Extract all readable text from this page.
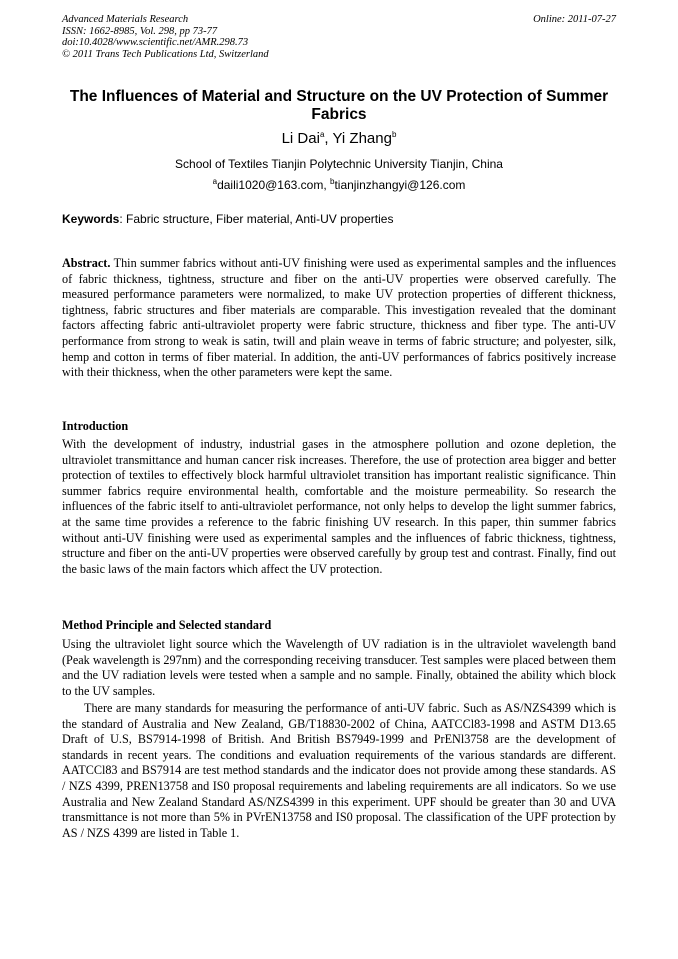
Advanced Materials Research
ISSN: 1662-8985, Vol. 298, pp 73-77
doi:10.4028/www.scientific.net/AMR.298.73
© 2011 Trans Tech Publications Ltd, Switzerland
Online: 2011-07-27
The Influences of Material and Structure on the UV Protection of Summer Fabrics
Li Dai$^a$, Yi Zhang$^b$
School of Textiles Tianjin Polytechnic University Tianjin, China
$^a$daili1020@163.com, $^b$tianjinzhangyi@126.com
Keywords: Fabric structure, Fiber material, Anti-UV properties

Abstract. Thin summer fabrics without anti-UV finishing were used as experimental samples and the influences of fabric thickness, tightness, structure and fiber on the anti-UV properties were observed carefully. The measured performance parameters were normalized, to make UV protection properties of different thickness, tightness, fabric structures and fiber materials are comparable. This investigation revealed that the dominant factors affecting fabric anti-ultraviolet property were fabric structure, thickness and fiber type. The anti-UV performance from strong to weak is satin, twill and plain weave in terms of fabric structure; and polyester, silk, hemp and cotton in terms of fiber material. In addition, the anti-UV performances of fabrics positively increase with their thickness, when the other parameters were kept the same.

Introduction

With the development of industry, industrial gases in the atmosphere pollution and ozone depletion, the ultraviolet transmittance and human cancer risk increases. Therefore, the use of protection area bigger and better protection of textiles to effectively block harmful ultraviolet transition has important realistic significance. Thin summer fabrics require environmental health, comfortable and the moisture permeability. So research the influences of the fabric itself to anti-ultraviolet performance, not only helps to develop the light summer fabrics, at the same time provides a reference to the fabric finishing UV research. In this paper, thin summer fabrics without anti-UV finishing were used as experimental samples and the influences of fabric thickness, tightness, structure and fiber on the anti-UV properties were observed carefully by group test and contrast. Finally, find out the basic laws of the main factors which affect the UV protection.

Method Principle and Selected standard

Using the ultraviolet light source which the Wavelength of UV radiation is in the ultraviolet wavelength band (Peak wavelength is 297nm) and the corresponding receiving transducer. Test samples were placed between them and the UV radiation levels were tested when a sample and no sample. Finally, obtained the ability which block to the UV samples.

There are many standards for measuring the performance of anti-UV fabric. Such as AS/NZS4399 which is the standard of Australia and New Zealand, GB/T18830-2002 of China, AATCCl83-1998 and ASTM D13.65 Draft of U.S, BS7914-1998 of British. And British BS7949-1999 and PrENl3758 are the development of standards in recent years. The conditions and evaluation requirements of the various standards are different. AATCCl83 and BS7914 are test method standards and the indicator does not provide among these standards. AS / NZS 4399, PREN13758 and IS0 proposal requirements and labeling requirements are all indicators. So we use Australia and New Zealand Standard AS/NZS4399 in this experiment. UPF should be greater than 30 and UVA transmittance is not more than 5% in PVrEN13758 and IS0 proposal. The classification of the UPF protection by AS / NZS 4399 are listed in Table 1.
